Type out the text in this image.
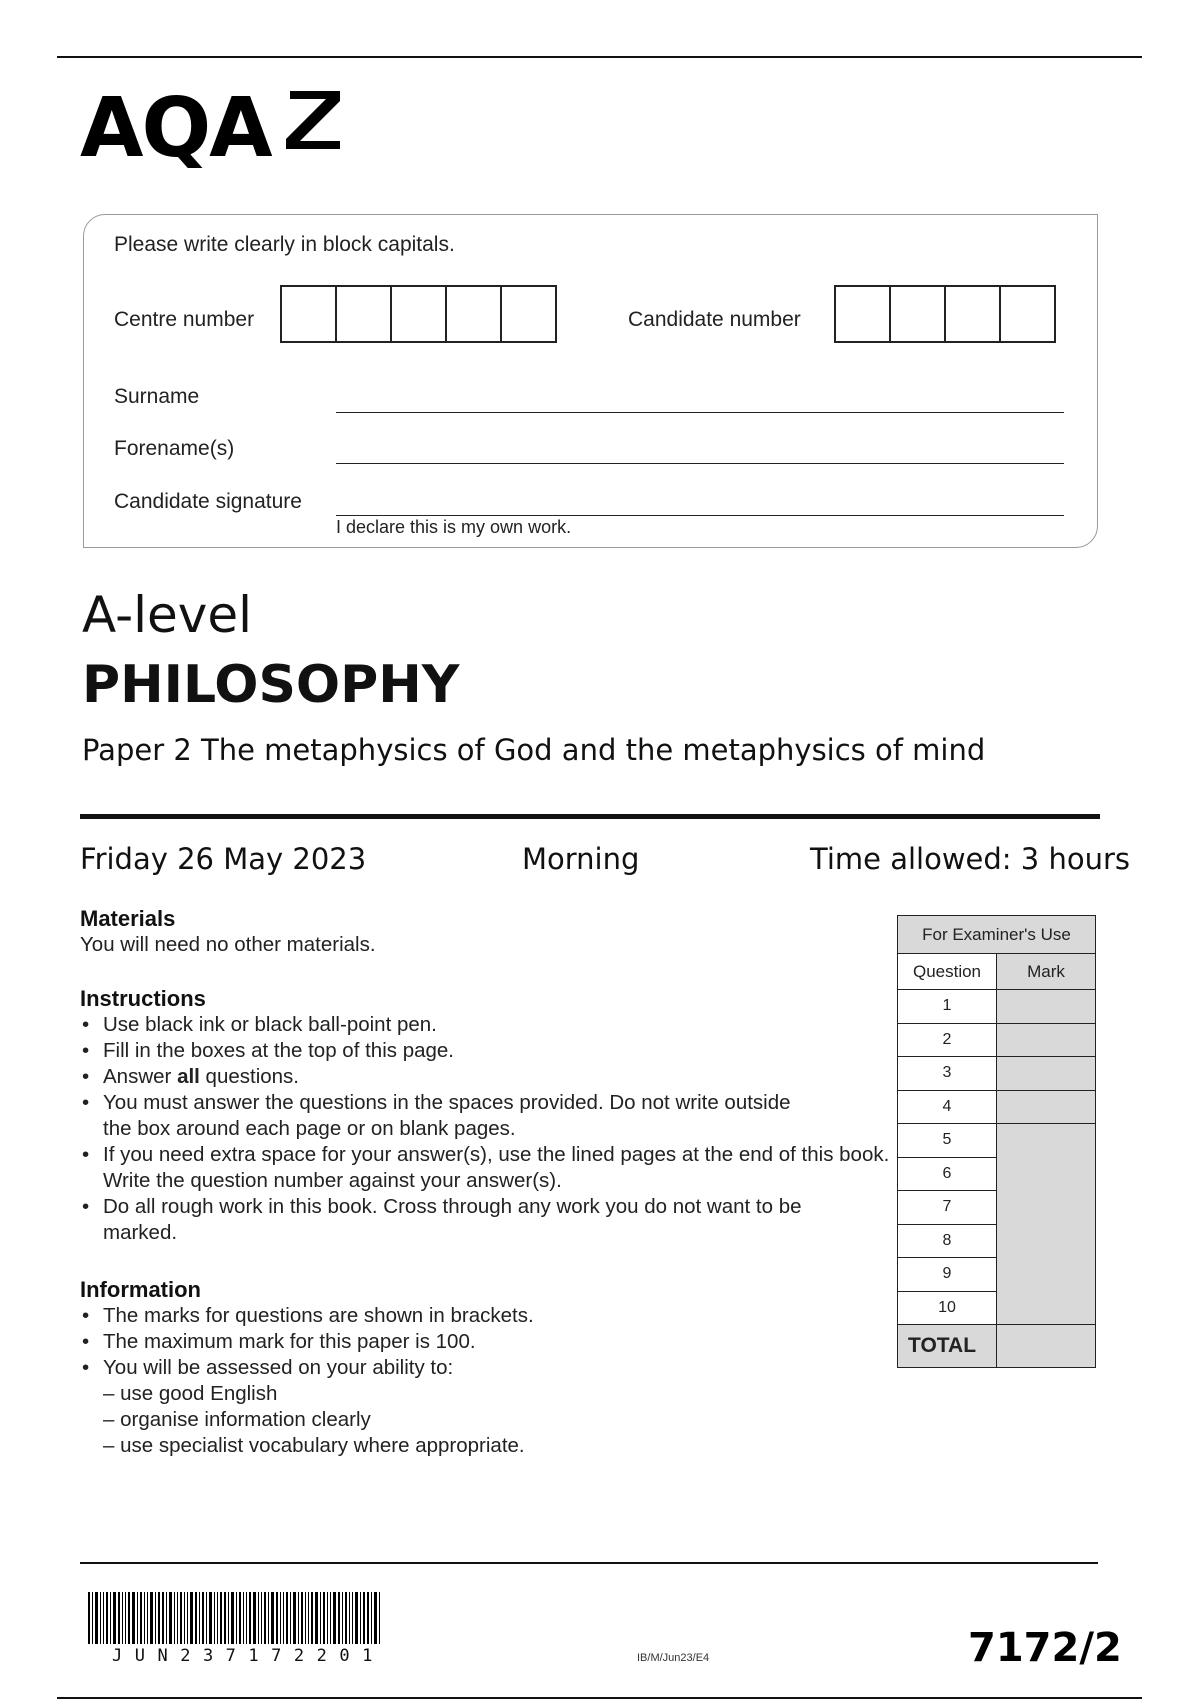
AQA
Please write clearly in block capitals.
Centre number	Candidate number
Surname
Forename(s)
Candidate signature
I declare this is my own work.
A-level
PHILOSOPHY
Paper 2 The metaphysics of God and the metaphysics of mind
Friday 26 May 2023	Morning	Time allowed: 3 hours
Materials
You will need no other materials.
Instructions
• Use black ink or black ball-point pen.
• Fill in the boxes at the top of this page.
• Answer all questions.
• You must answer the questions in the spaces provided. Do not write outside the box around each page or on blank pages.
• If you need extra space for your answer(s), use the lined pages at the end of this book. Write the question number against your answer(s).
• Do all rough work in this book. Cross through any work you do not want to be marked.
Information
• The marks for questions are shown in brackets.
• The maximum mark for this paper is 100.
• You will be assessed on your ability to:
– use good English
– organise information clearly
– use specialist vocabulary where appropriate.
For Examiner's Use	
Question	Mark
1	
2	
3	
4	
5	
6	
7	
8	
9	
10	
TOTAL	
JUN237172201	IB/M/Jun23/E4	7172/2
